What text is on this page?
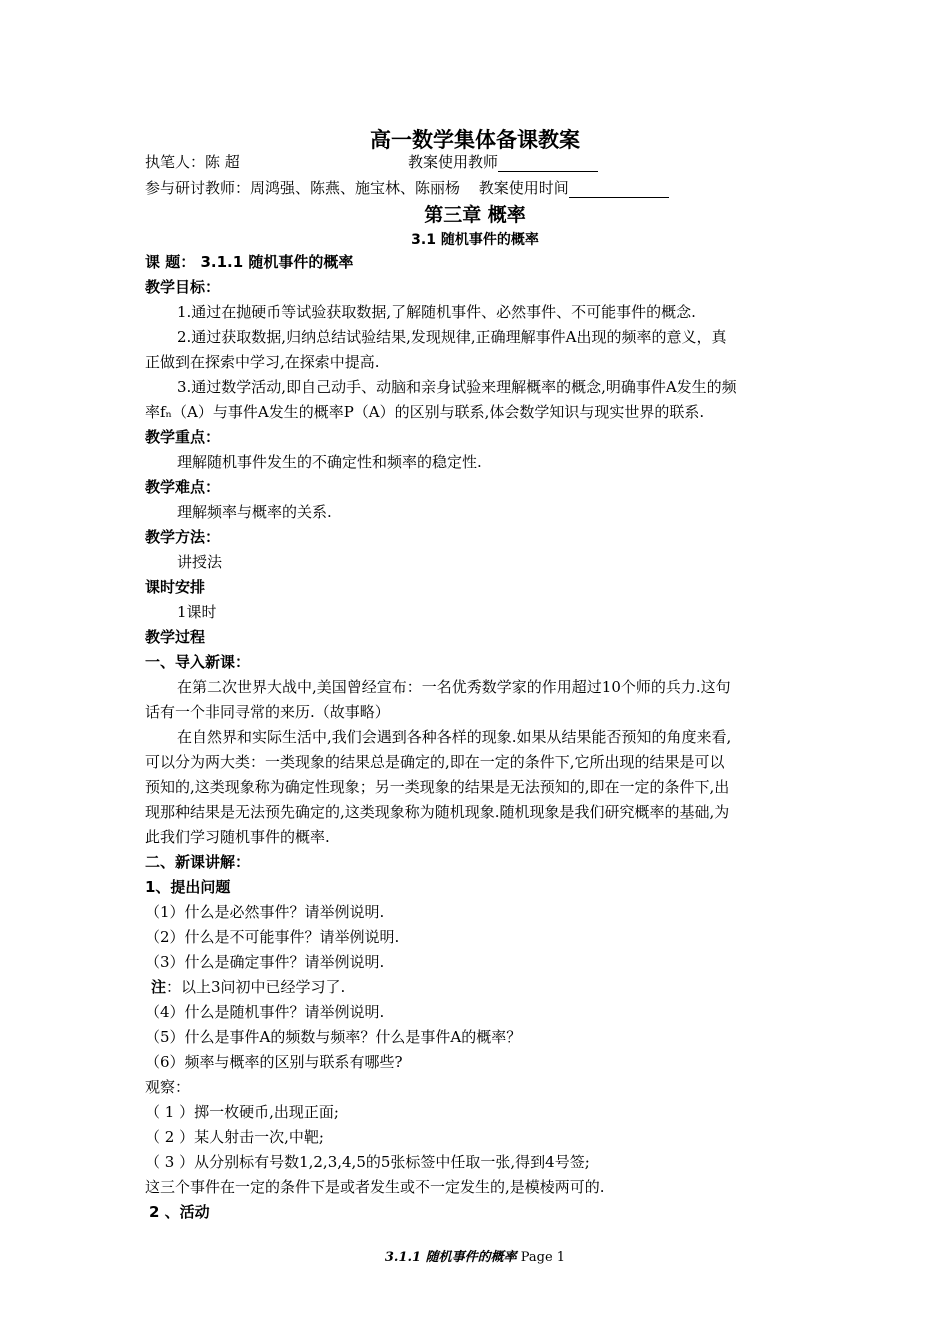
高一数学集体备课教案
执笔人：陈 超	教案使用教师
参与研讨教师：周鸿强、陈燕、施宝林、陈丽杨 教案使用时间
第三章 概率
3.1 随机事件的概率
课 题： 3.1.1 随机事件的概率
教学目标：
1.通过在抛硬币等试验获取数据,了解随机事件、必然事件、不可能事件的概念.
2.通过获取数据,归纳总结试验结果,发现规律,正确理解事件A出现的频率的意义，真
正做到在探索中学习,在探索中提高.
3.通过数学活动,即自己动手、动脑和亲身试验来理解概率的概念,明确事件A发生的频
率fₙ（A）与事件A发生的概率P（A）的区别与联系,体会数学知识与现实世界的联系.
教学重点：
理解随机事件发生的不确定性和频率的稳定性.
教学难点：
理解频率与概率的关系.
教学方法：
讲授法
课时安排
1课时
教学过程
一、导入新课：
在第二次世界大战中,美国曾经宣布：一名优秀数学家的作用超过10个师的兵力.这句
话有一个非同寻常的来历.（故事略）
在自然界和实际生活中,我们会遇到各种各样的现象.如果从结果能否预知的角度来看,
可以分为两大类：一类现象的结果总是确定的,即在一定的条件下,它所出现的结果是可以
预知的,这类现象称为确定性现象；另一类现象的结果是无法预知的,即在一定的条件下,出
现那种结果是无法预先确定的,这类现象称为随机现象.随机现象是我们研究概率的基础,为
此我们学习随机事件的概率.
二、新课讲解：
1、提出问题
（1）什么是必然事件？请举例说明.
（2）什么是不可能事件？请举例说明.
（3）什么是确定事件？请举例说明.
注：以上3问初中已经学习了.
（4）什么是随机事件？请举例说明.
（5）什么是事件A的频数与频率？什么是事件A的概率？
（6）频率与概率的区别与联系有哪些?
观察：
（ 1 ）掷一枚硬币,出现正面;
（ 2 ）某人射击一次,中靶;
（ 3 ）从分别标有号数1,2,3,4,5的5张标签中任取一张,得到4号签;
这三个事件在一定的条件下是或者发生或不一定发生的,是模棱两可的.
2 、活动
3.1.1 随机事件的概率 Page 1
